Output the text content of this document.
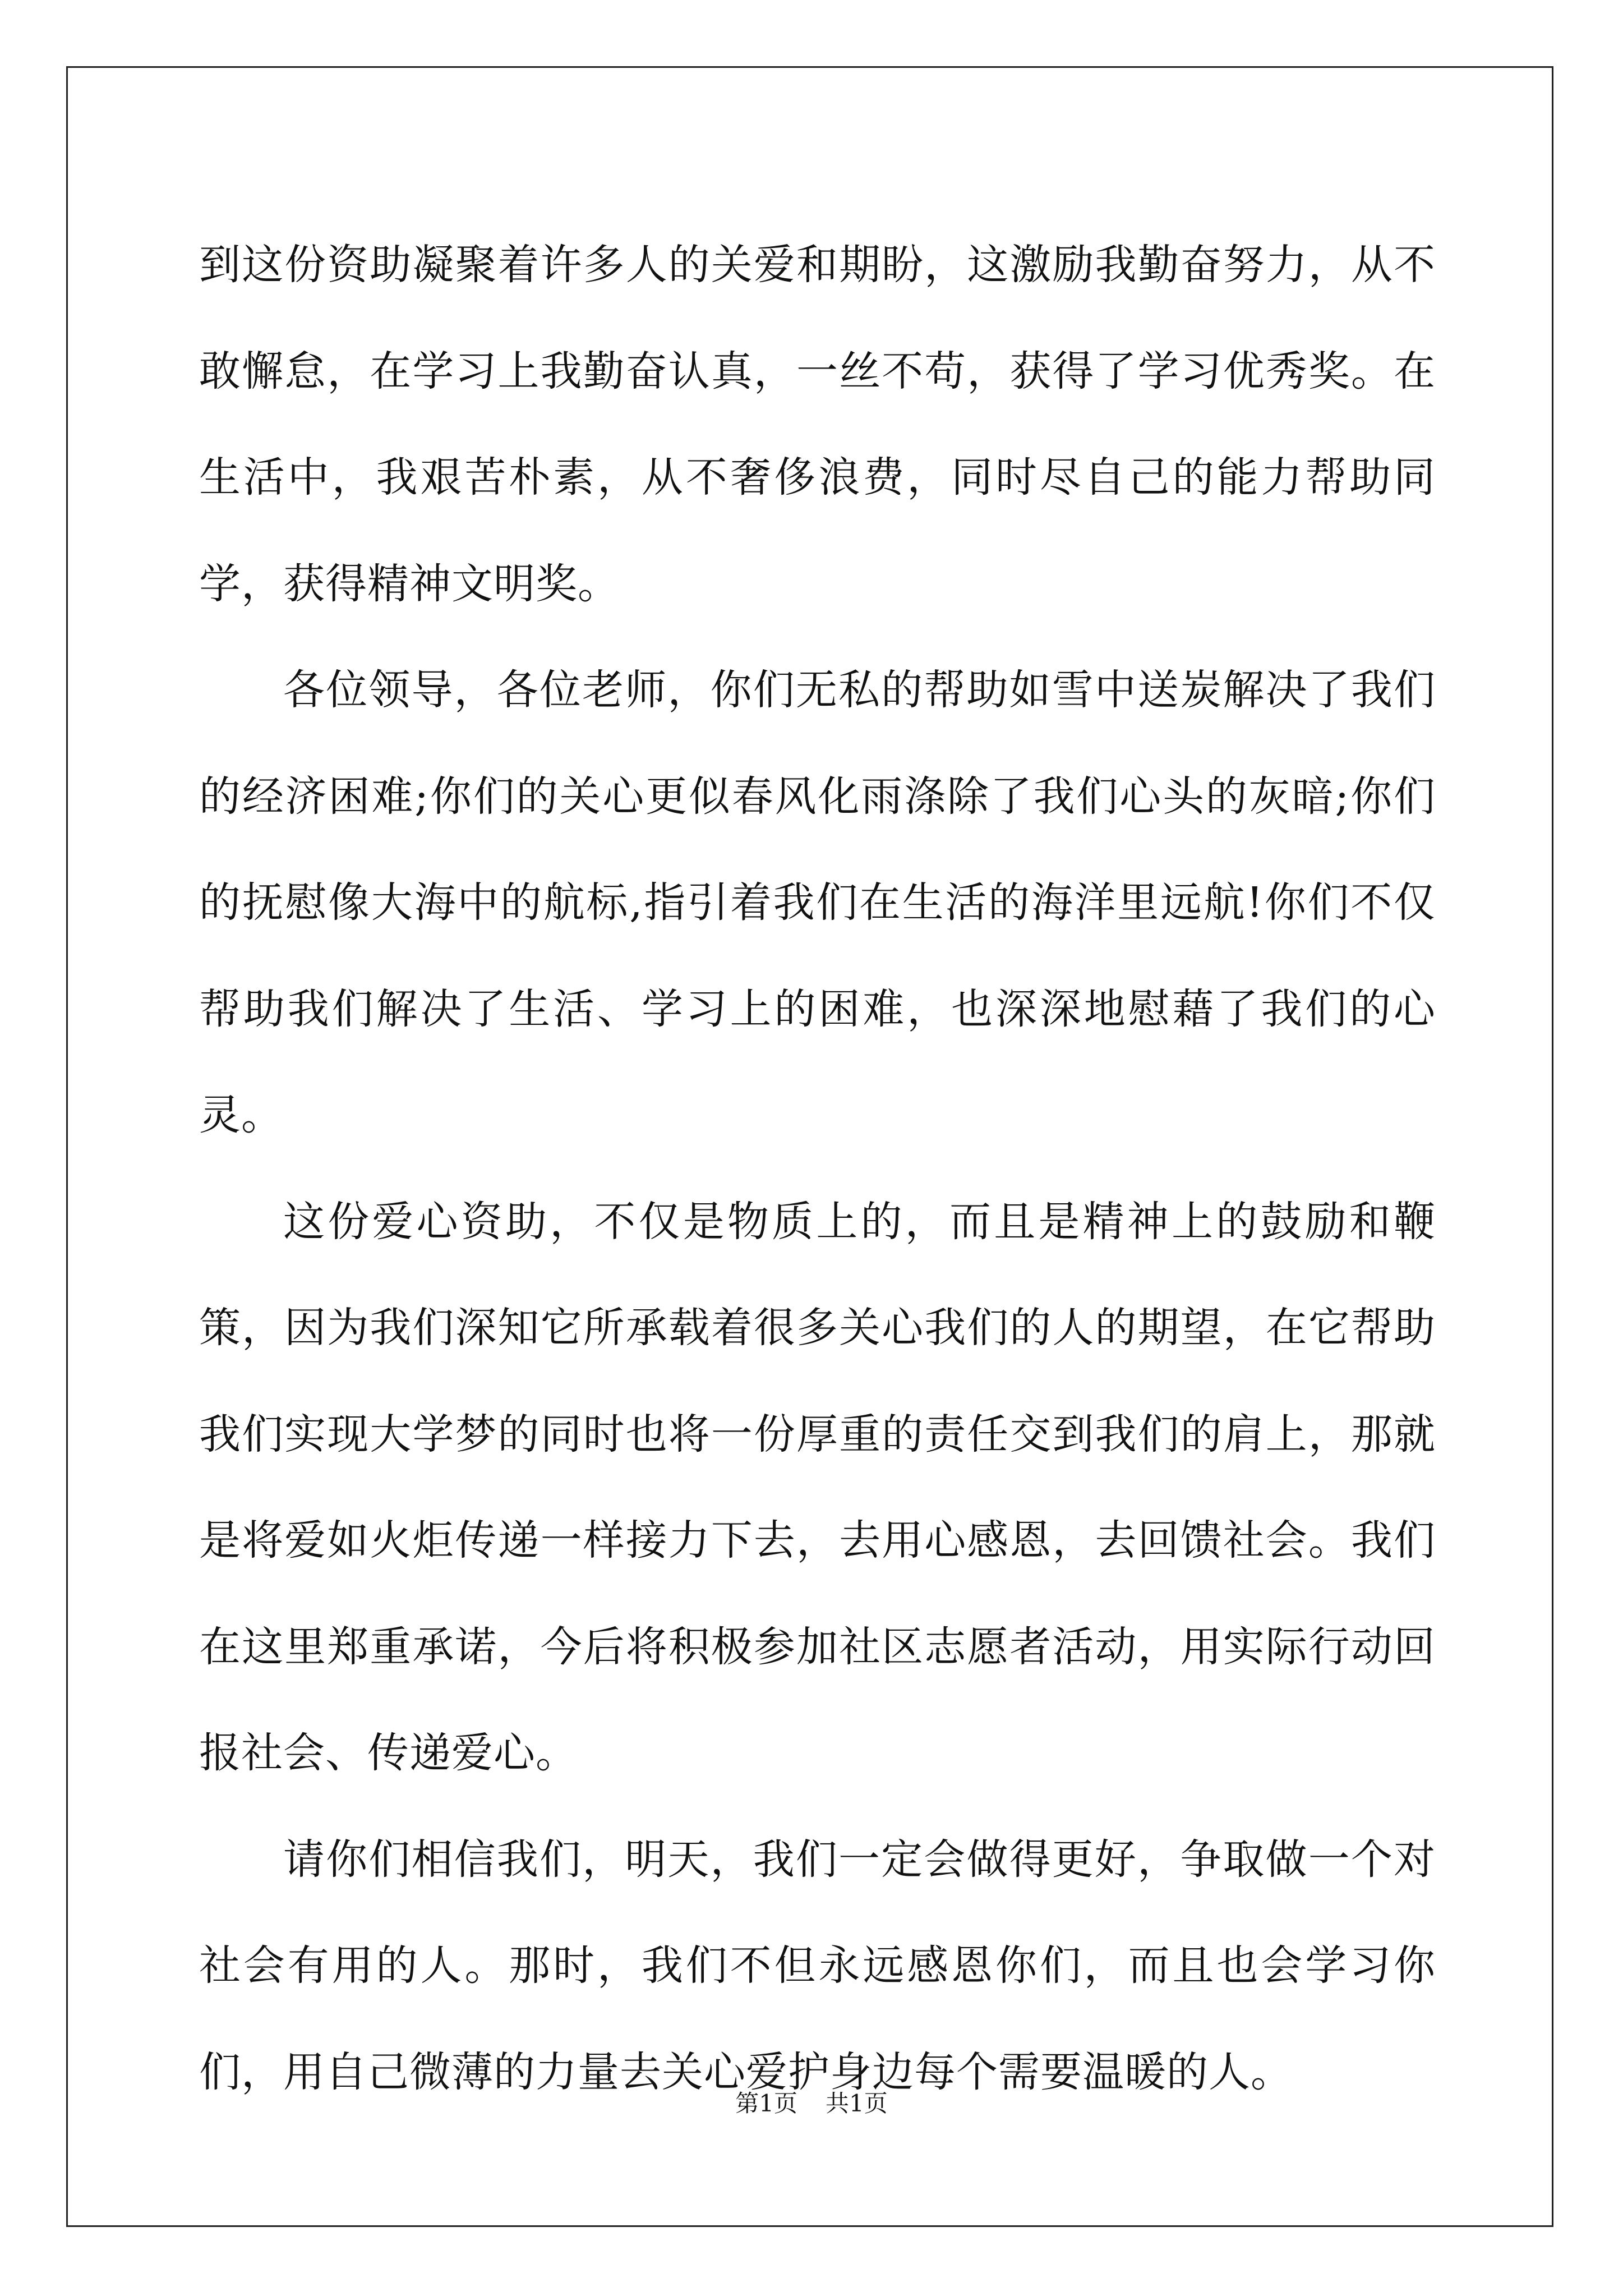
到这份资助凝聚着许多人的关爱和期盼，这激励我勤奋努力，从不敢懈怠，在学习上我勤奋认真，一丝不苟，获得了学习优秀奖。在生活中，我艰苦朴素，从不奢侈浪费，同时尽自己的能力帮助同学，获得精神文明奖。

各位领导，各位老师，你们无私的帮助如雪中送炭解决了我们的经济困难;你们的关心更似春风化雨涤除了我们心头的灰暗;你们的抚慰像大海中的航标,指引着我们在生活的海洋里远航!你们不仅帮助我们解决了生活、学习上的困难，也深深地慰藉了我们的心灵。

这份爱心资助，不仅是物质上的，而且是精神上的鼓励和鞭策，因为我们深知它所承载着很多关心我们的人的期望，在它帮助我们实现大学梦的同时也将一份厚重的责任交到我们的肩上，那就是将爱如火炬传递一样接力下去，去用心感恩，去回馈社会。我们在这里郑重承诺，今后将积极参加社区志愿者活动，用实际行动回报社会、传递爱心。

请你们相信我们，明天，我们一定会做得更好，争取做一个对社会有用的人。那时，我们不但永远感恩你们，而且也会学习你们，用自己微薄的力量去关心爱护身边每个需要温暖的人。

第1页 共1页
